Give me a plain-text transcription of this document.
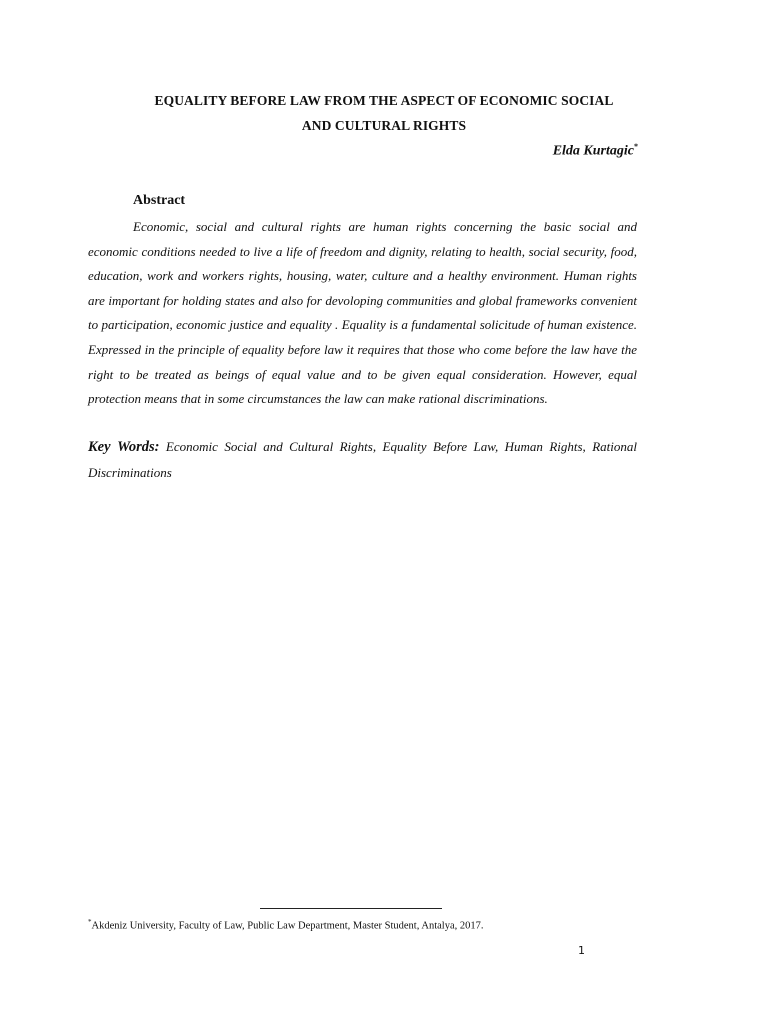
EQUALITY BEFORE LAW FROM THE ASPECT OF ECONOMIC SOCIAL
AND CULTURAL RIGHTS
Elda Kurtagic*
Abstract

Economic, social and cultural rights are human rights concerning the basic social and economic conditions needed to live a life of freedom and dignity, relating to health, social security, food, education, work and workers rights, housing, water, culture and a healthy environment. Human rights are important for holding states and also for devoloping communities and global frameworks convenient to participation, economic justice and equality . Equality is a fundamental solicitude of human existence. Expressed in the principle of equality before law it requires that those who come before the law have the right to be treated as beings of equal value and to be given equal consideration. However, equal protection means that in some circumstances the law can make rational discriminations.

Key Words: Economic Social and Cultural Rights, Equality Before Law, Human Rights, Rational Discriminations

*Akdeniz University, Faculty of Law, Public Law Department, Master Student, Antalya, 2017.
1
